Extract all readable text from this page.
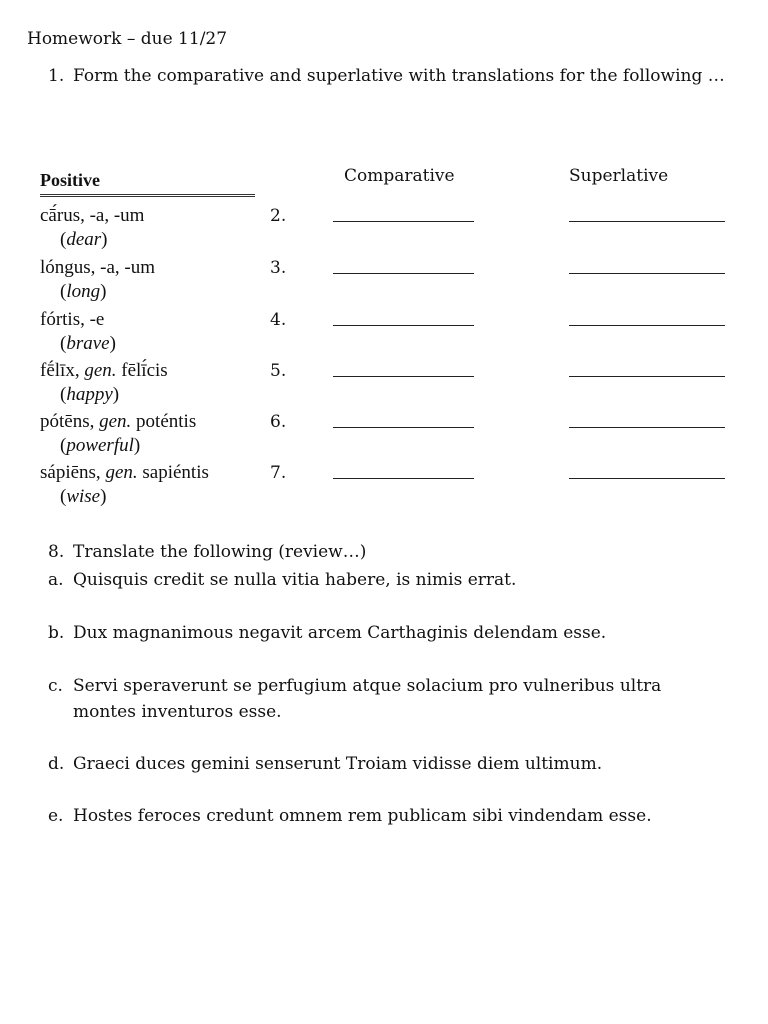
Homework – due 11/27
1. Form the comparative and superlative with translations for the following …
Positive	Comparative	Superlative
cā́rus, -a, -um
(dear)
2.
lóngus, -a, -um
(long)
3.
fórtis, -e
(brave)
4.
fḗlīx, gen. fēlī́cis
(happy)
5.
pótēns, gen. poténtis
(powerful)
6.
sápiēns, gen. sapiéntis
(wise)
7.
8. Translate the following (review…)
a. Quisquis credit se nulla vitia habere, is nimis errat.
b. Dux magnanimous negavit arcem Carthaginis delendam esse.
c. Servi speraverunt se perfugium atque solacium pro vulneribus ultra montes inventuros esse.
d. Graeci duces gemini senserunt Troiam vidisse diem ultimum.
e. Hostes feroces credunt omnem rem publicam sibi vindendam esse.
